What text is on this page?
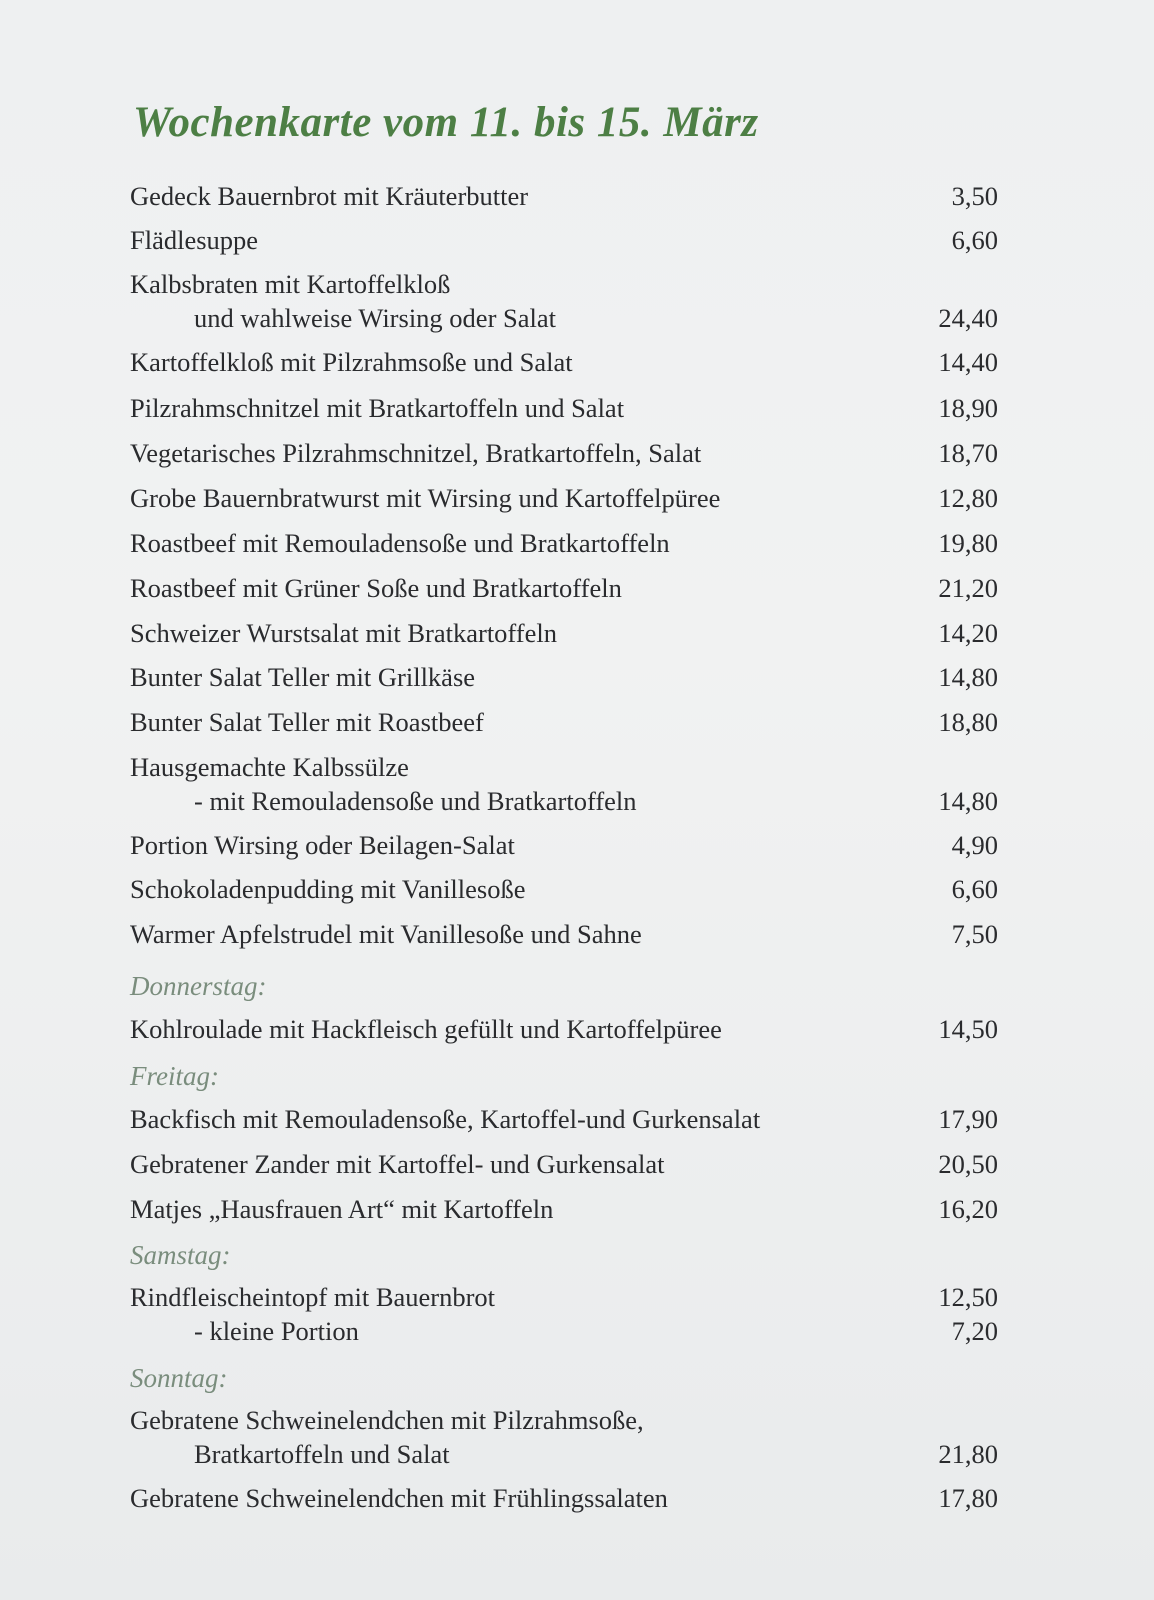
Wochenkarte vom 11. bis 15. März
Gedeck Bauernbrot mit Kräuterbutter	3,50
Flädlesuppe	6,60
Kalbsbraten mit Kartoffelkloß
und wahlweise Wirsing oder Salat	24,40
Kartoffelkloß mit Pilzrahmsoße und Salat	14,40
Pilzrahmschnitzel mit Bratkartoffeln und Salat	18,90
Vegetarisches Pilzrahmschnitzel, Bratkartoffeln, Salat	18,70
Grobe Bauernbratwurst mit Wirsing und Kartoffelpüree	12,80
Roastbeef mit Remouladensoße und Bratkartoffeln	19,80
Roastbeef mit Grüner Soße und Bratkartoffeln	21,20
Schweizer Wurstsalat mit Bratkartoffeln	14,20
Bunter Salat Teller mit Grillkäse	14,80
Bunter Salat Teller mit Roastbeef	18,80
Hausgemachte Kalbssülze
- mit Remouladensoße und Bratkartoffeln	14,80
Portion Wirsing oder Beilagen-Salat	4,90
Schokoladenpudding mit Vanillesoße	6,60
Warmer Apfelstrudel mit Vanillesoße und Sahne	7,50
Donnerstag:
Kohlroulade mit Hackfleisch gefüllt und Kartoffelpüree	14,50
Freitag:
Backfisch mit Remouladensoße, Kartoffel-und Gurkensalat	17,90
Gebratener Zander mit Kartoffel- und Gurkensalat	20,50
Matjes „Hausfrauen Art“ mit Kartoffeln	16,20
Samstag:
Rindfleischeintopf mit Bauernbrot	12,50
- kleine Portion	7,20
Sonntag:
Gebratene Schweinelendchen mit Pilzrahmsoße,
Bratkartoffeln und Salat	21,80
Gebratene Schweinelendchen mit Frühlingssalaten	17,80
